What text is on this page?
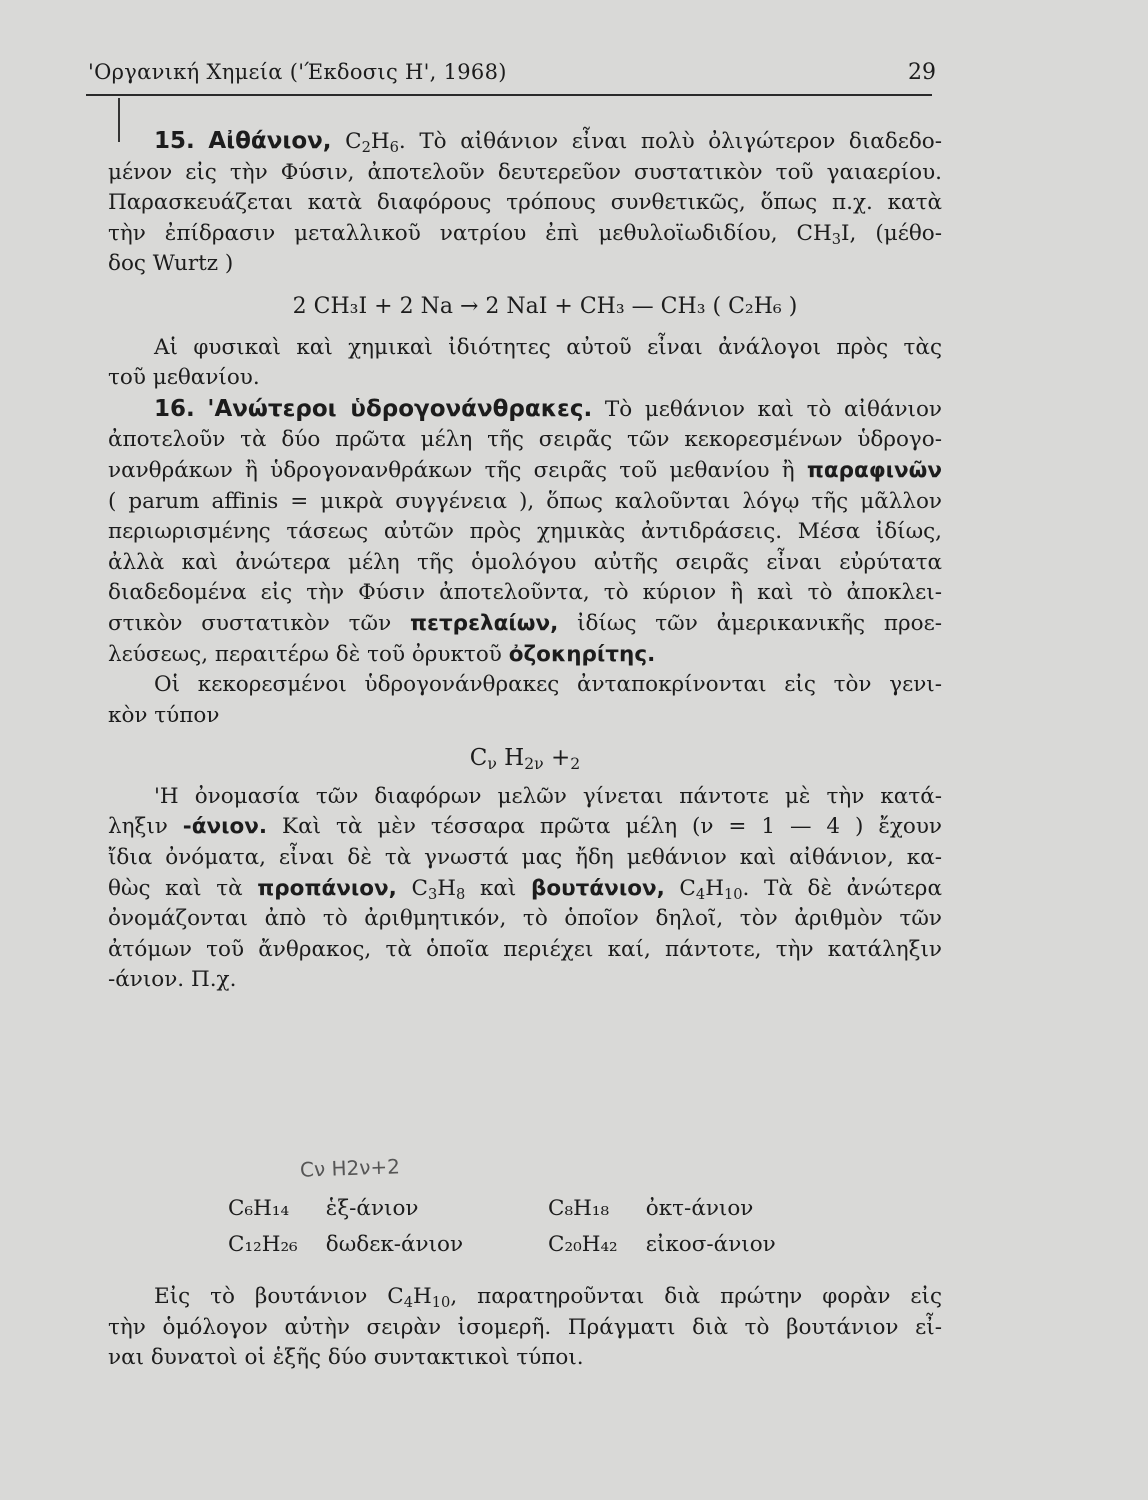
'Οργανική Χημεία ('Έκδοσις Η', 1968)	29

15. Αἰθάνιον, $C_2H_6$. Τὸ αἰθάνιον εἶναι πολὺ ὀλιγώτερον διαδεδο-

μένον εἰς τὴν Φύσιν, ἀποτελοῦν δευτερεῦον συστατικὸν τοῦ γαιαερίου.

Παρασκευάζεται κατὰ διαφόρους τρόπους συνθετικῶς, ὅπως π.χ. κατὰ

τὴν ἐπίδρασιν μεταλλικοῦ νατρίου ἐπὶ μεθυλοϊωδιδίου, $CH_3I$, (μέθο-

δος Wurtz )

2 CH₃I + 2 Na → 2 NaI + CH₃ — CH₃ ( C₂H₆ )

Αἱ φυσικαὶ καὶ χημικαὶ ἰδιότητες αὐτοῦ εἶναι ἀνάλογοι πρὸς τὰς

τοῦ μεθανίου.

16. 'Ανώτεροι ὑδρογονάνθρακες. Τὸ μεθάνιον καὶ τὸ αἰθάνιον

ἀποτελοῦν τὰ δύο πρῶτα μέλη τῆς σειρᾶς τῶν κεκορεσμένων ὑδρογο-

νανθράκων ἢ ὑδρογονανθράκων τῆς σειρᾶς τοῦ μεθανίου ἢ παραφινῶν

( parum affinis = μικρὰ συγγένεια ), ὅπως καλοῦνται λόγῳ τῆς μᾶλλον

περιωρισμένης τάσεως αὐτῶν πρὸς χημικὰς ἀντιδράσεις. Μέσα ἰδίως,

ἀλλὰ καὶ ἀνώτερα μέλη τῆς ὁμολόγου αὐτῆς σειρᾶς εἶναι εὐρύτατα

διαδεδομένα εἰς τὴν Φύσιν ἀποτελοῦντα, τὸ κύριον ἢ καὶ τὸ ἀποκλει-

στικὸν συστατικὸν τῶν πετρελαίων, ἰδίως τῶν ἀμερικανικῆς προε-

λεύσεως, περαιτέρω δὲ τοῦ ὀρυκτοῦ ὀζοκηρίτης.

Οἱ κεκορεσμένοι ὑδρογονάνθρακες ἀνταποκρίνονται εἰς τὸν γενι-

κὸν τύπον

$C_\nu$ $H_{2\nu} +_2$

'Η ὀνομασία τῶν διαφόρων μελῶν γίνεται πάντοτε μὲ τὴν κατά-

ληξιν -άνιον. Καὶ τὰ μὲν τέσσαρα πρῶτα μέλη (ν = 1 — 4 ) ἔχουν

ἴδια ὀνόματα, εἶναι δὲ τὰ γνωστά μας ἤδη μεθάνιον καὶ αἰθάνιον, κα-

θὼς καὶ τὰ προπάνιον, $C_3H_8$ καὶ βουτάνιον, $C_4H_{10}$. Τὰ δὲ ἀνώτερα

ὀνομάζονται ἀπὸ τὸ ἀριθμητικόν, τὸ ὁποῖον δηλοῖ, τὸν ἀριθμὸν τῶν

ἀτόμων τοῦ ἄνθρακος, τὰ ὁποῖα περιέχει καί, πάντοτε, τὴν κατάληξιν

-άνιον. Π.χ.

Cν H2ν+2
C₆H₁₄	ἑξ-άνιον	C₈H₁₈	ὀκτ-άνιον
C₁₂H₂₆	δωδεκ-άνιον	C₂₀H₄₂	εἰκοσ-άνιον

Εἰς τὸ βουτάνιον $C_4H_{10}$, παρατηροῦνται διὰ πρώτην φορὰν εἰς

τὴν ὁμόλογον αὐτὴν σειρὰν ἰσομερῆ. Πράγματι διὰ τὸ βουτάνιον εἶ-

ναι δυνατοὶ οἱ ἑξῆς δύο συντακτικοὶ τύποι.
